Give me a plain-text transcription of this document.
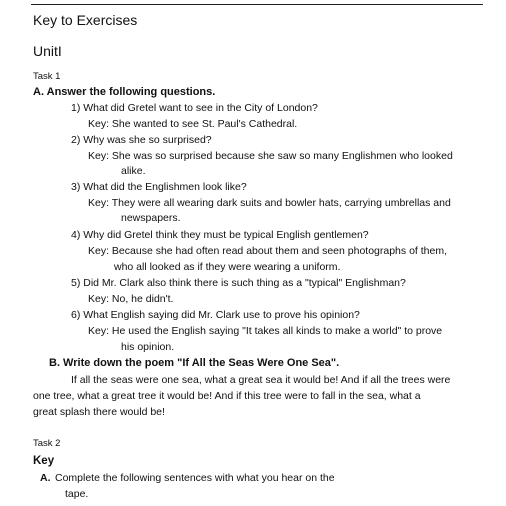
Key to Exercises
UnitI
Task 1
A. Answer the following questions.
1) What did Gretel want to see in the City of London?
Key: She wanted to see St. Paul's Cathedral.
2) Why was she so surprised?
Key: She was so surprised because she saw so many Englishmen who looked
alike.
3) What did the Englishmen look like?
Key: They were all wearing dark suits and bowler hats, carrying umbrellas and
newspapers.
4) Why did Gretel think they must be typical English gentlemen?
Key: Because she had often read about them and seen photographs of them,
who all looked as if they were wearing a uniform.
5) Did Mr. Clark also think there is such thing as a "typical" Englishman?
Key: No, he didn't.
6) What English saying did Mr. Clark use to prove his opinion?
Key: He used the English saying "It takes all kinds to make a world" to prove
his opinion.
B. Write down the poem "If All the Seas Were One Sea".
If all the seas were one sea, what a great sea it would be! And if all the trees were
one tree, what a great tree it would be! And if this tree were to fall in the sea, what a
great splash there would be!
Task 2
Key
A. Complete the following sentences with what you hear on the
tape.
